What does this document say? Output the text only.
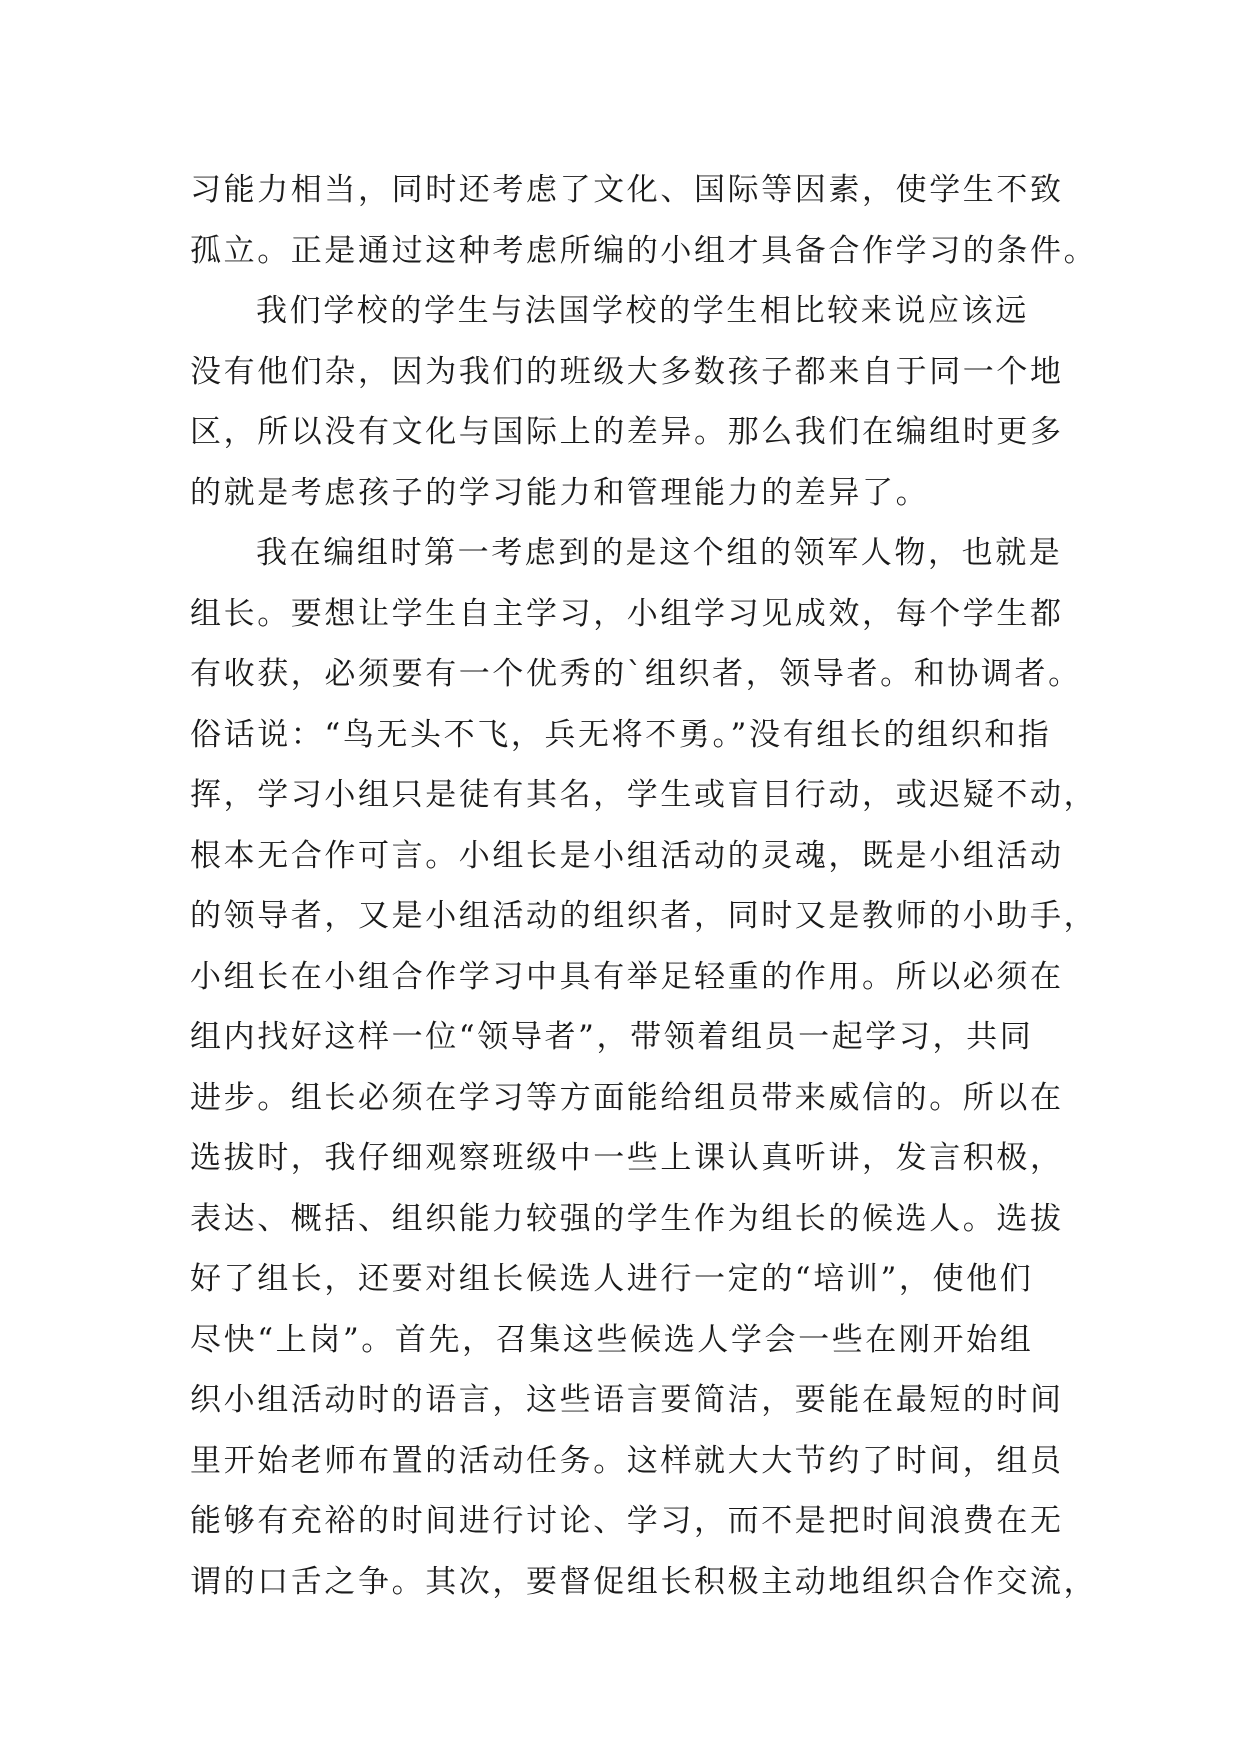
习能力相当，同时还考虑了文化、国际等因素，使学生不致
孤立。正是通过这种考虑所编的小组才具备合作学习的条件。
我们学校的学生与法国学校的学生相比较来说应该远
没有他们杂，因为我们的班级大多数孩子都来自于同一个地
区，所以没有文化与国际上的差异。那么我们在编组时更多
的就是考虑孩子的学习能力和管理能力的差异了。
我在编组时第一考虑到的是这个组的领军人物，也就是
组长。要想让学生自主学习，小组学习见成效，每个学生都
有收获，必须要有一个优秀的`组织者，领导者。和协调者。
俗话说：“鸟无头不飞，兵无将不勇。”没有组长的组织和指
挥，学习小组只是徒有其名，学生或盲目行动，或迟疑不动，
根本无合作可言。小组长是小组活动的灵魂，既是小组活动
的领导者，又是小组活动的组织者，同时又是教师的小助手，
小组长在小组合作学习中具有举足轻重的作用。所以必须在
组内找好这样一位“领导者”，带领着组员一起学习，共同
进步。组长必须在学习等方面能给组员带来威信的。所以在
选拔时，我仔细观察班级中一些上课认真听讲，发言积极，
表达、概括、组织能力较强的学生作为组长的候选人。选拔
好了组长，还要对组长候选人进行一定的“培训”，使他们
尽快“上岗”。首先，召集这些候选人学会一些在刚开始组
织小组活动时的语言，这些语言要简洁，要能在最短的时间
里开始老师布置的活动任务。这样就大大节约了时间，组员
能够有充裕的时间进行讨论、学习，而不是把时间浪费在无
谓的口舌之争。其次，要督促组长积极主动地组织合作交流，
